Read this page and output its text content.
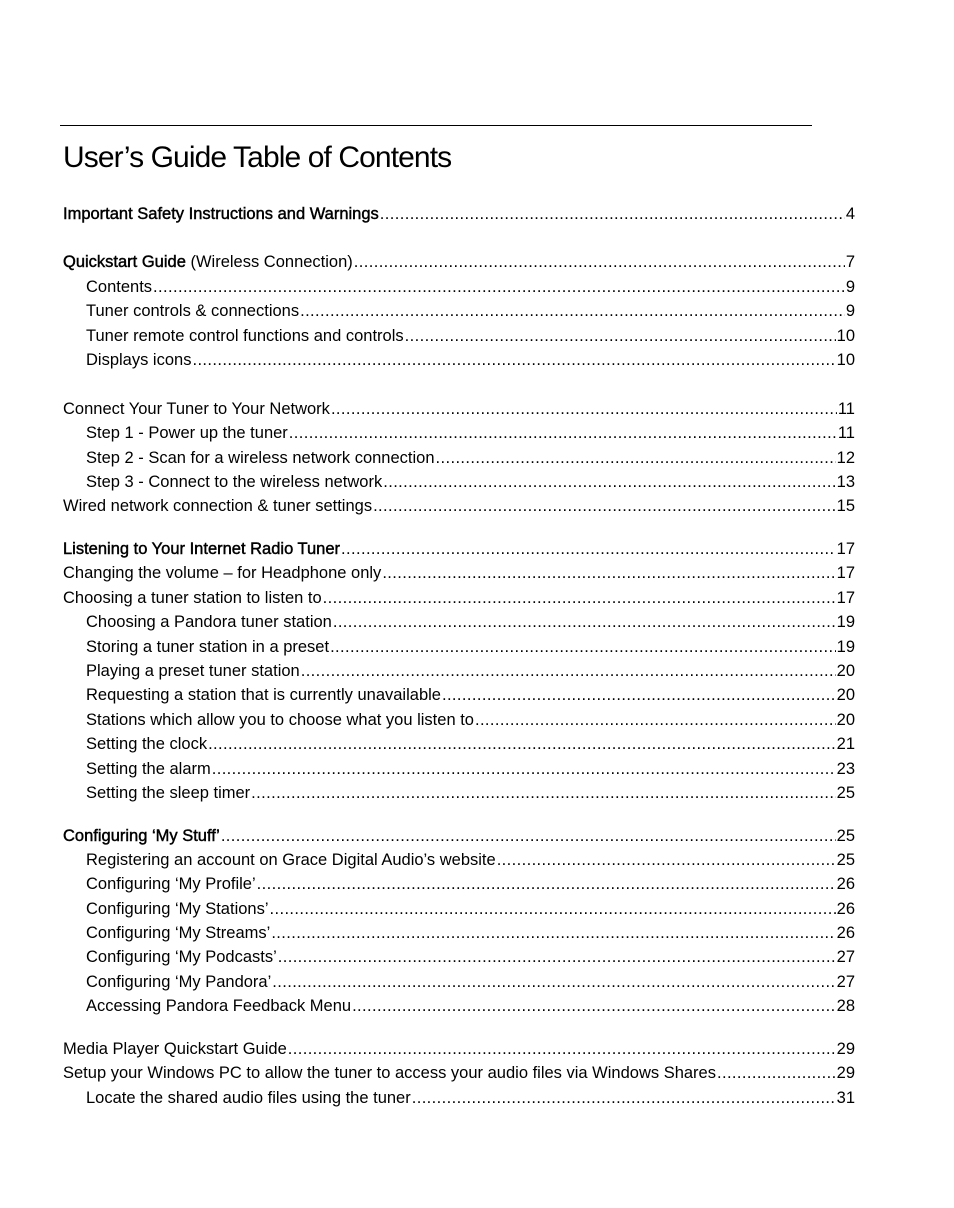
User’s Guide Table of Contents
Important Safety Instructions and Warnings .....	4
Quickstart Guide (Wireless Connection) .....	7
Contents .....	9
Tuner controls & connections .....	9
Tuner remote control functions and controls .....	10
Displays icons .....	10
Connect Your Tuner to Your Network .....	11
Step 1 - Power up the tuner .....	11
Step 2 - Scan for a wireless network connection .....	12
Step 3 - Connect to the wireless network .....	13
Wired network connection & tuner settings .....	15
Listening to Your Internet Radio Tuner .....	17
Changing the volume – for Headphone only .....	17
Choosing a tuner station to listen to .....	17
Choosing a Pandora tuner station .....	19
Storing a tuner station in a preset .....	19
Playing a preset tuner station .....	20
Requesting a station that is currently unavailable .....	20
Stations which allow you to choose what you listen to .....	20
Setting the clock .....	21
Setting the alarm .....	23
Setting the sleep timer .....	25
Configuring ‘My Stuff’ .....	25
Registering an account on Grace Digital Audio’s website .....	25
Configuring ‘My Profile’ .....	26
Configuring ‘My Stations’ .....	26
Configuring ‘My Streams’ .....	26
Configuring ‘My Podcasts’ .....	27
Configuring ‘My Pandora’ .....	27
Accessing Pandora Feedback Menu .....	28
Media Player Quickstart Guide .....	29
Setup your Windows PC to allow the tuner to access your audio files via Windows Shares .....	29
Locate the shared audio files using the tuner .....	31
